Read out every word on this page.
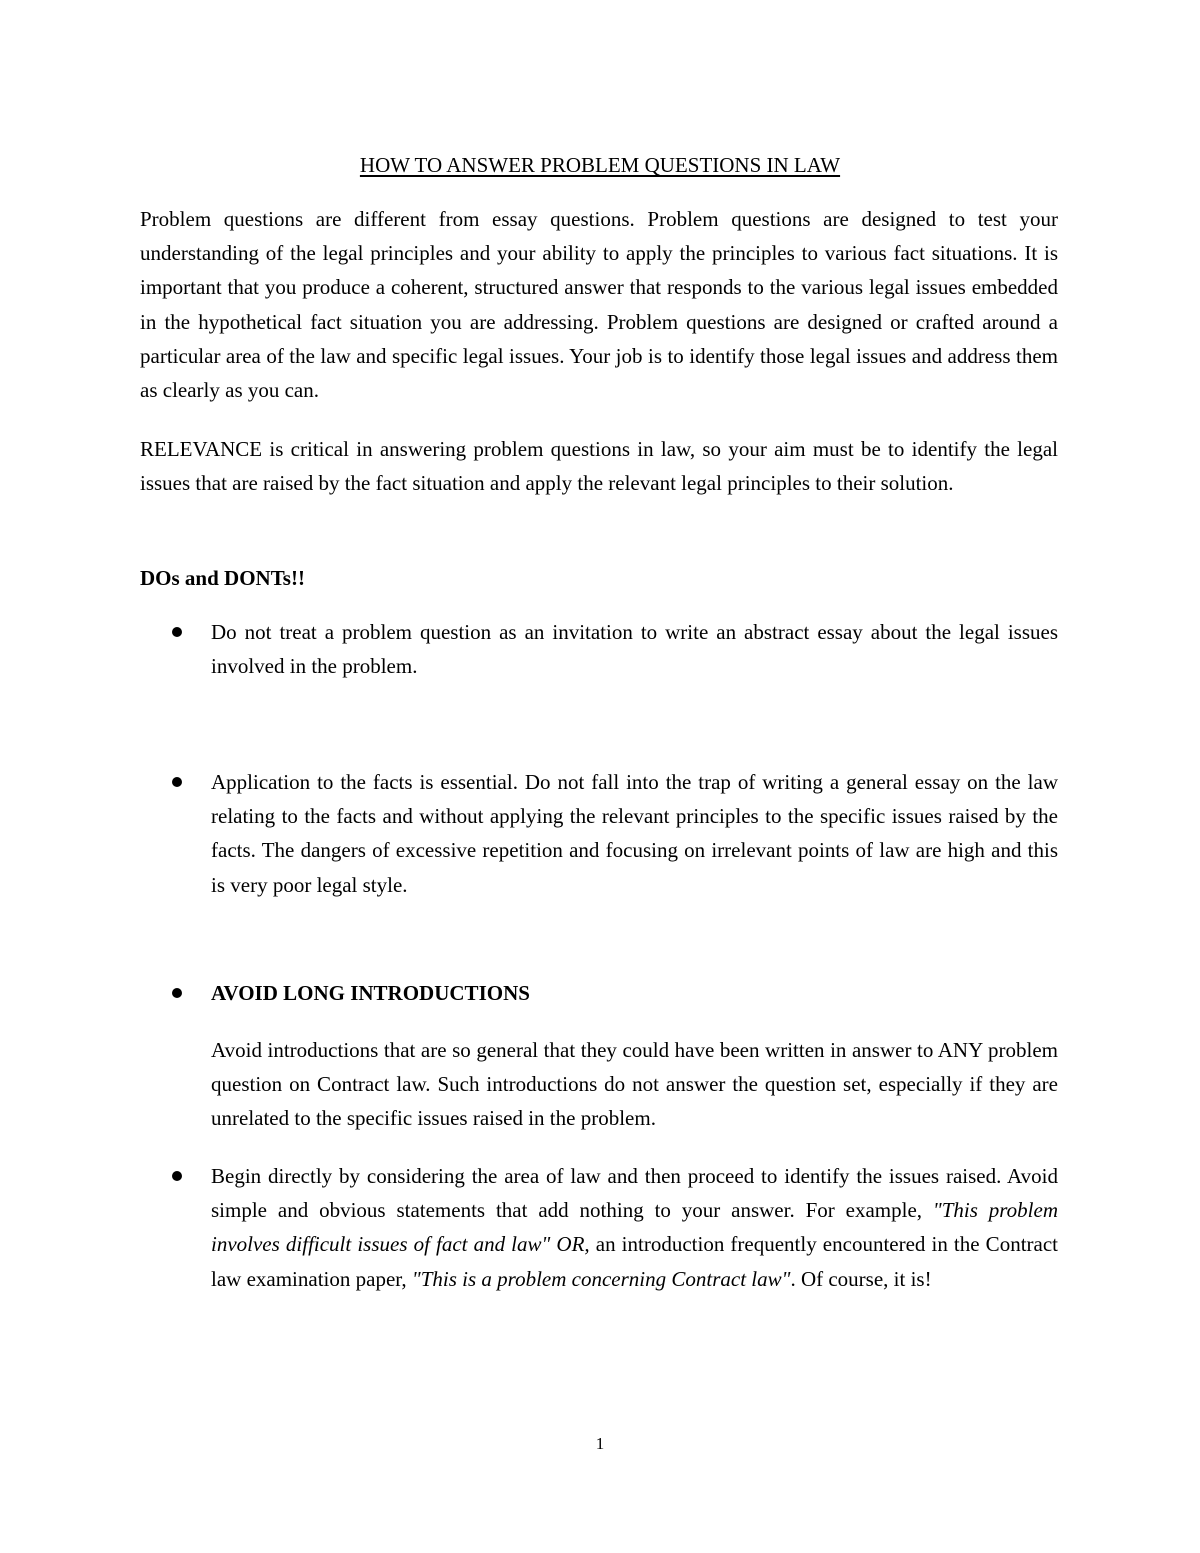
HOW TO ANSWER PROBLEM QUESTIONS IN LAW

Problem questions are different from essay questions. Problem questions are designed to test your understanding of the legal principles and your ability to apply the principles to various fact situations. It is important that you produce a coherent, structured answer that responds to the various legal issues embedded in the hypothetical fact situation you are addressing. Problem questions are designed or crafted around a particular area of the law and specific legal issues. Your job is to identify those legal issues and address them as clearly as you can.

RELEVANCE is critical in answering problem questions in law, so your aim must be to identify the legal issues that are raised by the fact situation and apply the relevant legal principles to their solution.

DOs and DONTs!!

Do not treat a problem question as an invitation to write an abstract essay about the legal issues involved in the problem.

Application to the facts is essential. Do not fall into the trap of writing a general essay on the law relating to the facts and without applying the relevant principles to the specific issues raised by the facts. The dangers of excessive repetition and focusing on irrelevant points of law are high and this is very poor legal style.

AVOID LONG INTRODUCTIONS

Avoid introductions that are so general that they could have been written in answer to ANY problem question on Contract law. Such introductions do not answer the question set, especially if they are unrelated to the specific issues raised in the problem.

Begin directly by considering the area of law and then proceed to identify the issues raised. Avoid simple and obvious statements that add nothing to your answer. For example, "This problem involves difficult issues of fact and law" OR, an introduction frequently encountered in the Contract law examination paper, "This is a problem concerning Contract law". Of course, it is!

1
